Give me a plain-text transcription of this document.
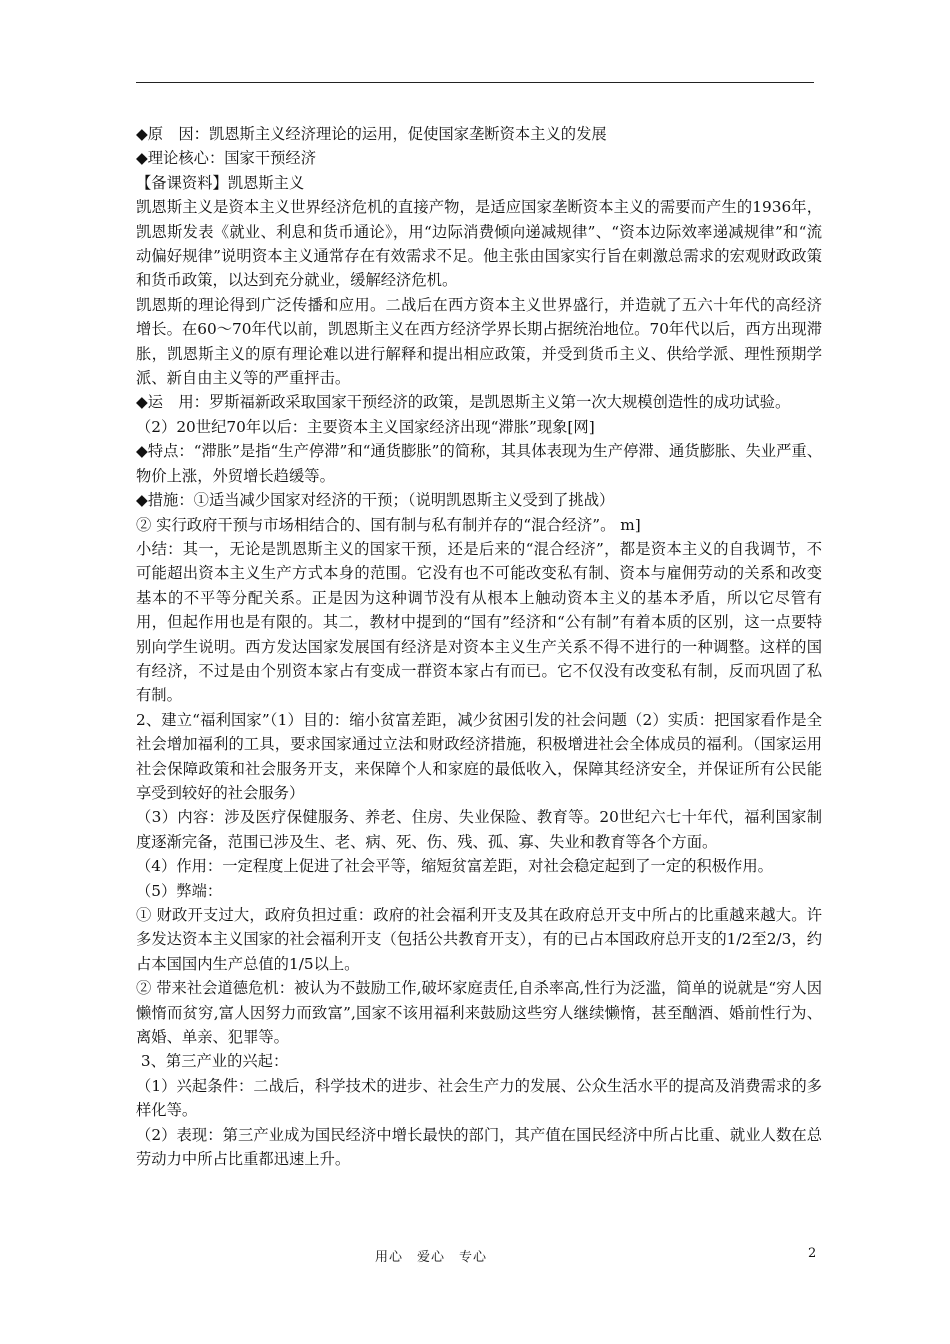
◆原　因：凯恩斯主义经济理论的运用，促使国家垄断资本主义的发展

◆理论核心：国家干预经济

【备课资料】凯恩斯主义

凯恩斯主义是资本主义世界经济危机的直接产物，是适应国家垄断资本主义的需要而产生的1936年，凯恩斯发表《就业、利息和货币通论》，用“边际消费倾向递减规律”、“资本边际效率递减规律”和“流动偏好规律”说明资本主义通常存在有效需求不足。他主张由国家实行旨在刺激总需求的宏观财政政策和货币政策，以达到充分就业，缓解经济危机。

凯恩斯的理论得到广泛传播和应用。二战后在西方资本主义世界盛行，并造就了五六十年代的高经济增长。在60～70年代以前，凯恩斯主义在西方经济学界长期占据统治地位。70年代以后，西方出现滞胀，凯恩斯主义的原有理论难以进行解释和提出相应政策，并受到货币主义、供给学派、理性预期学派、新自由主义等的严重抨击。

◆运　用：罗斯福新政采取国家干预经济的政策，是凯恩斯主义第一次大规模创造性的成功试验。

（2）20世纪70年以后：主要资本主义国家经济出现“滞胀”现象[网]

◆特点：“滞胀”是指“生产停滞”和“通货膨胀”的简称，其具体表现为生产停滞、通货膨胀、失业严重、物价上涨，外贸增长趋缓等。

◆措施：①适当减少国家对经济的干预；（说明凯恩斯主义受到了挑战）

② 实行政府干预与市场相结合的、国有制与私有制并存的“混合经济”。 m]

小结：其一，无论是凯恩斯主义的国家干预，还是后来的“混合经济”，都是资本主义的自我调节，不可能超出资本主义生产方式本身的范围。它没有也不可能改变私有制、资本与雇佣劳动的关系和改变基本的不平等分配关系。正是因为这种调节没有从根本上触动资本主义的基本矛盾，所以它尽管有用，但起作用也是有限的。其二，教材中提到的“国有”经济和“公有制”有着本质的区别，这一点要特别向学生说明。西方发达国家发展国有经济是对资本主义生产关系不得不进行的一种调整。这样的国有经济，不过是由个别资本家占有变成一群资本家占有而已。它不仅没有改变私有制，反而巩固了私有制。

2、建立“福利国家”（1）目的：缩小贫富差距，减少贫困引发的社会问题（2）实质：把国家看作是全社会增加福利的工具，要求国家通过立法和财政经济措施，积极增进社会全体成员的福利。（国家运用社会保障政策和社会服务开支，来保障个人和家庭的最低收入，保障其经济安全，并保证所有公民能享受到较好的社会服务）

（3）内容：涉及医疗保健服务、养老、住房、失业保险、教育等。20世纪六七十年代，福利国家制度逐渐完备，范围已涉及生、老、病、死、伤、残、孤、寡、失业和教育等各个方面。

（4）作用：一定程度上促进了社会平等，缩短贫富差距，对社会稳定起到了一定的积极作用。

（5）弊端：

① 财政开支过大，政府负担过重：政府的社会福利开支及其在政府总开支中所占的比重越来越大。许多发达资本主义国家的社会福利开支（包括公共教育开支），有的已占本国政府总开支的1/2至2/3，约占本国国内生产总值的1/5以上。

② 带来社会道德危机：被认为不鼓励工作,破坏家庭责任,自杀率高,性行为泛滥，简单的说就是“穷人因懒惰而贫穷,富人因努力而致富”,国家不该用福利来鼓励这些穷人继续懒惰，甚至酗酒、婚前性行为、离婚、单亲、犯罪等。

3、第三产业的兴起：

（1）兴起条件：二战后，科学技术的进步、社会生产力的发展、公众生活水平的提高及消费需求的多样化等。

（2）表现：第三产业成为国民经济中增长最快的部门，其产值在国民经济中所占比重、就业人数在总劳动力中所占比重都迅速上升。

用心　爱心　专心	2
